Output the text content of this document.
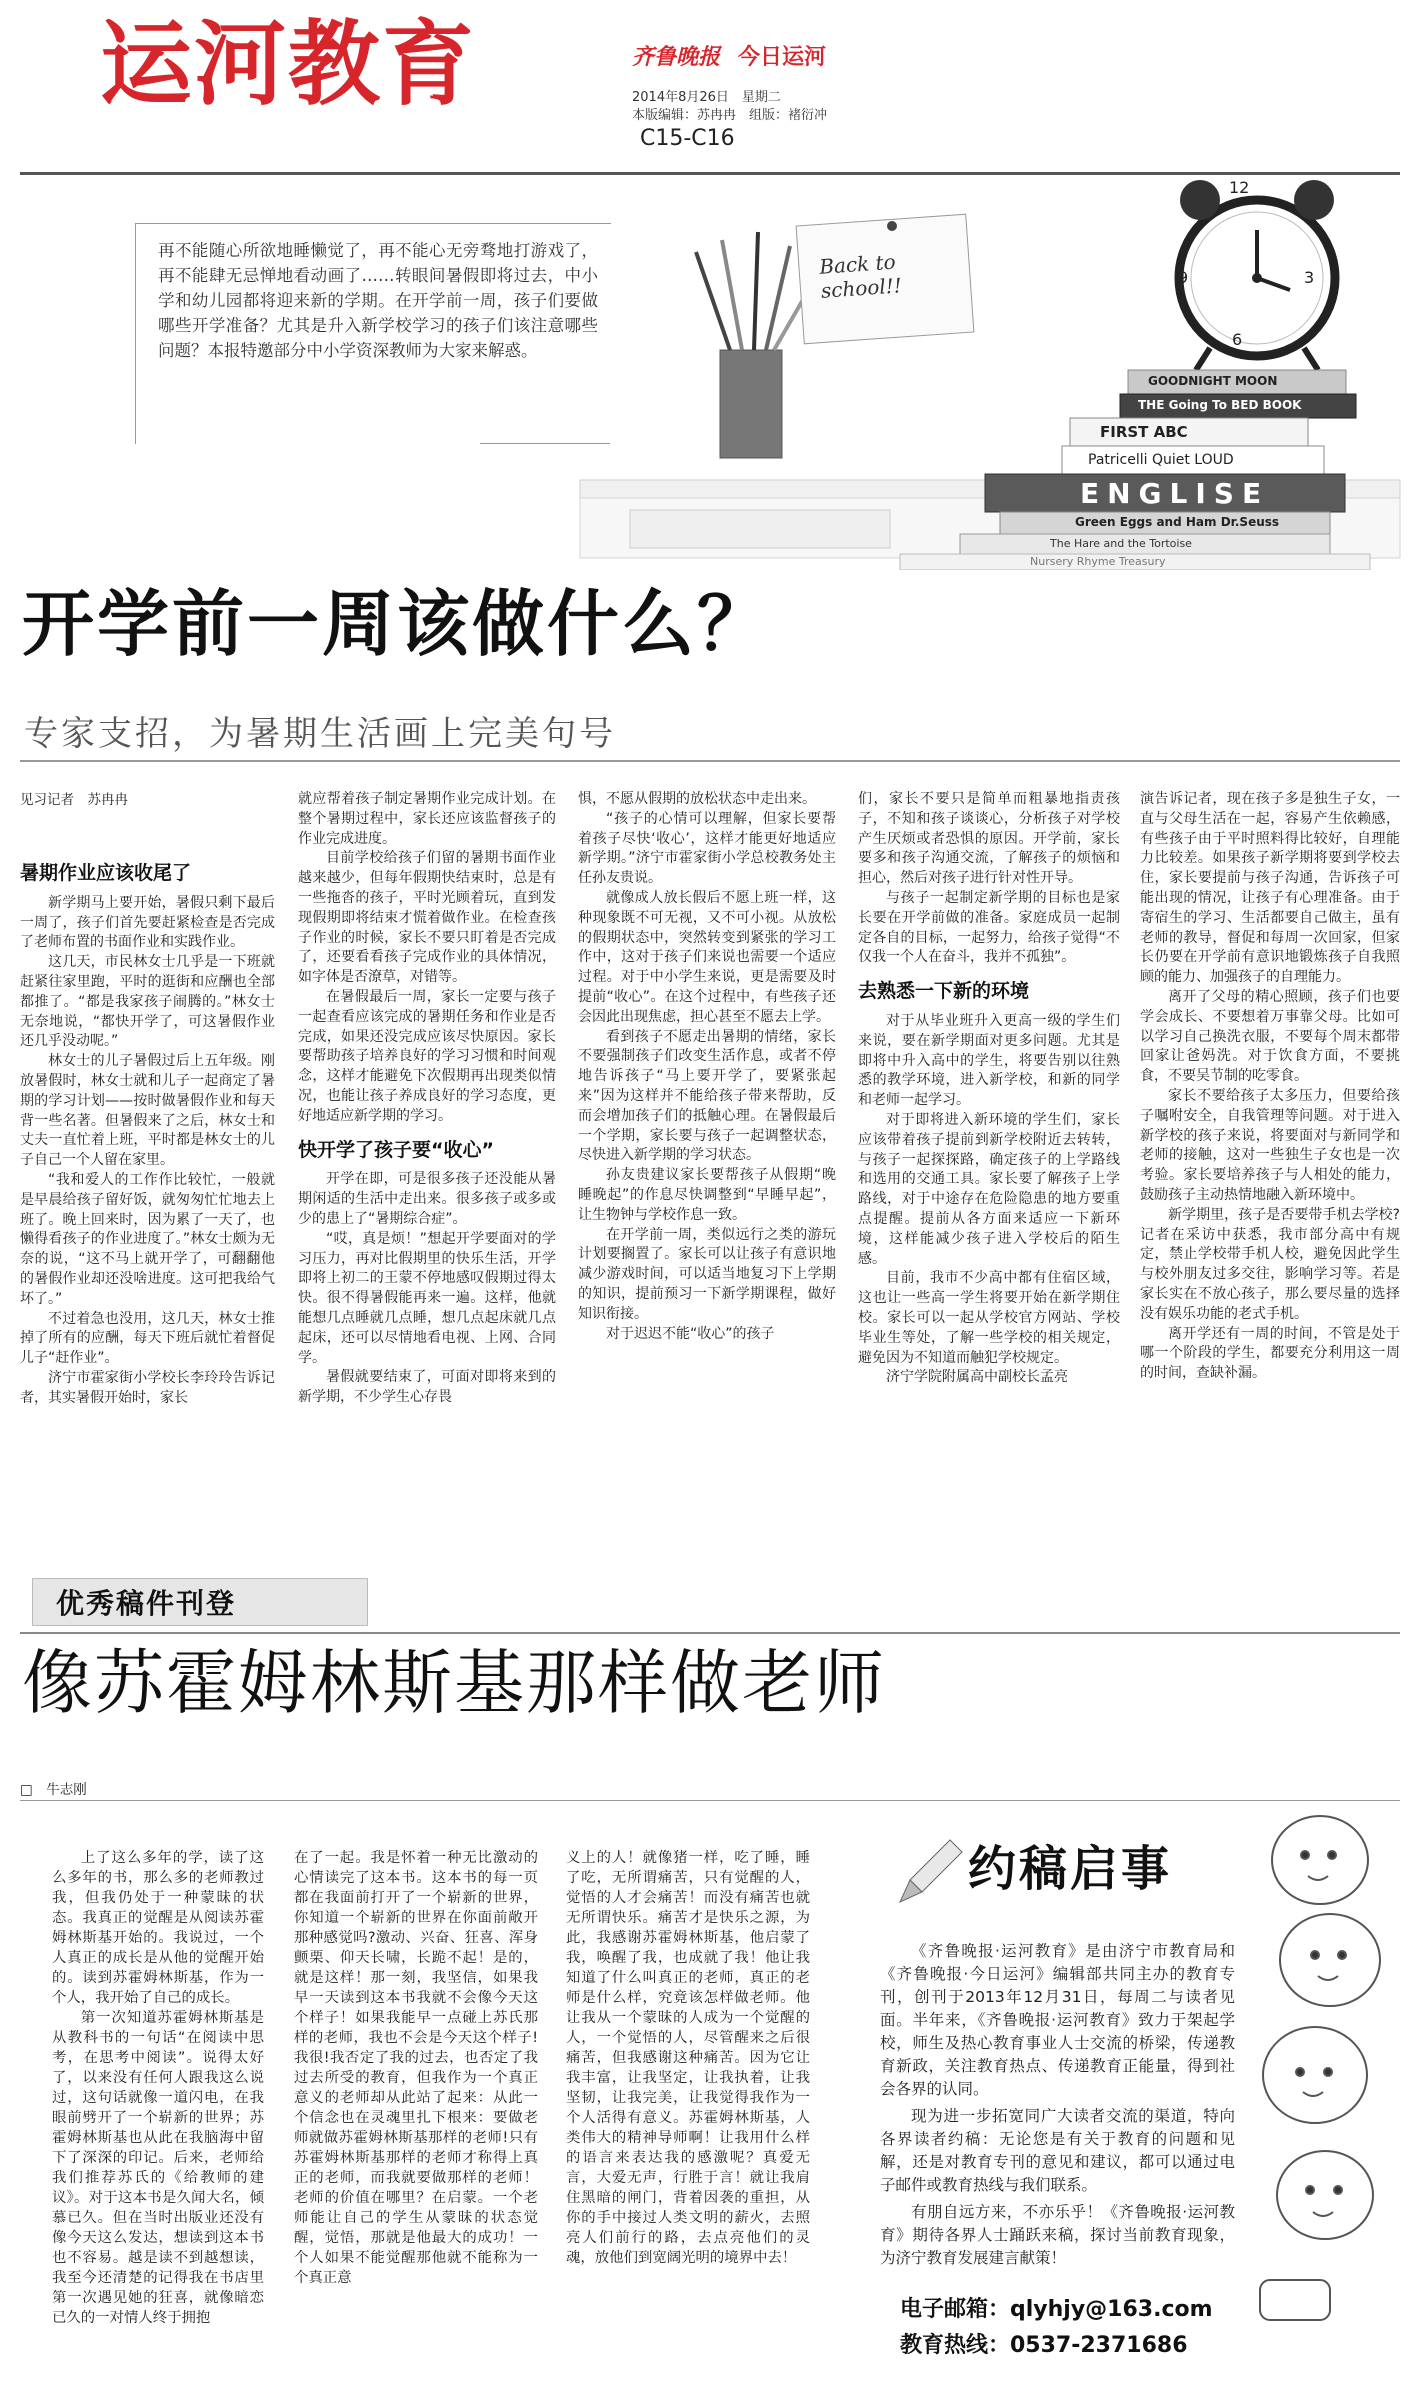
运河教育	齐鲁晚报 今日运河
2014年8月26日　星期二
本版编辑：苏冉冉　组版：褚衍冲
C15-C16
12
3
6
9
Back to school!!
GOODNIGHT MOON
THE Going To BED BOOK
FIRST ABC
Patricelli Quiet LOUD
ENGLISE
Green Eggs and Ham Dr.Seuss
The Hare and the Tortoise
Nursery Rhyme Treasury
再不能随心所欲地睡懒觉了，再不能心无旁骛地打游戏了，再不能肆无忌惮地看动画了……转眼间暑假即将过去，中小学和幼儿园都将迎来新的学期。在开学前一周，孩子们要做哪些开学准备？尤其是升入新学校学习的孩子们该注意哪些问题？本报特邀部分中小学资深教师为大家来解惑。
开学前一周该做什么？
专家支招，为暑期生活画上完美句号
见习记者　苏冉冉

暑期作业应该收尾了

新学期马上要开始，暑假只剩下最后一周了，孩子们首先要赶紧检查是否完成了老师布置的书面作业和实践作业。

这几天，市民林女士几乎是一下班就赶紧往家里跑，平时的逛街和应酬也全部都推了。“都是我家孩子闹腾的。”林女士无奈地说，“都快开学了，可这暑假作业还几乎没动呢。”

林女士的儿子暑假过后上五年级。刚放暑假时，林女士就和儿子一起商定了暑期的学习计划——按时做暑假作业和每天背一些名著。但暑假来了之后，林女士和丈夫一直忙着上班，平时都是林女士的儿子自己一个人留在家里。

“我和爱人的工作作比较忙，一般就是早晨给孩子留好饭，就匆匆忙忙地去上班了。晚上回来时，因为累了一天了，也懒得看孩子的作业进度了。”林女士颇为无奈的说，“这不马上就开学了，可翻翻他的暑假作业却还没啥进度。这可把我给气坏了。”

不过着急也没用，这几天，林女士推掉了所有的应酬，每天下班后就忙着督促儿子“赶作业”。

济宁市霍家街小学校长李玲玲告诉记者，其实暑假开始时，家长

就应帮着孩子制定暑期作业完成计划。在整个暑期过程中，家长还应该监督孩子的作业完成进度。

目前学校给孩子们留的暑期书面作业越来越少，但每年假期快结束时，总是有一些拖沓的孩子，平时光顾着玩，直到发现假期即将结束才慌着做作业。在检查孩子作业的时候，家长不要只盯着是否完成了，还要看看孩子完成作业的具体情况，如字体是否潦草，对错等。

在暑假最后一周，家长一定要与孩子一起查看应该完成的暑期任务和作业是否完成，如果还没完成应该尽快原因。家长要帮助孩子培养良好的学习习惯和时间观念，这样才能避免下次假期再出现类似情况，也能让孩子养成良好的学习态度，更好地适应新学期的学习。

快开学了孩子要“收心”

开学在即，可是很多孩子还没能从暑期闲适的生活中走出来。很多孩子或多或少的患上了“暑期综合症”。

“哎，真是烦！”想起开学要面对的学习压力，再对比假期里的快乐生活，开学即将上初二的王蒙不停地感叹假期过得太快。很不得暑假能再来一遍。这样，他就能想几点睡就几点睡，想几点起床就几点起床，还可以尽情地看电视、上网、合同学。

暑假就要结束了，可面对即将来到的新学期，不少学生心存畏

惧，不愿从假期的放松状态中走出来。

“孩子的心情可以理解，但家长要帮着孩子尽快‘收心’，这样才能更好地适应新学期。”济宁市霍家街小学总校教务处主任孙友贵说。

就像成人放长假后不愿上班一样，这种现象既不可无视，又不可小视。从放松的假期状态中，突然转变到紧张的学习工作中，这对于孩子们来说也需要一个适应过程。对于中小学生来说，更是需要及时提前“收心”。在这个过程中，有些孩子还会因此出现焦虑，担心甚至不愿去上学。

看到孩子不愿走出暑期的情绪，家长不要强制孩子们改变生活作息，或者不停地告诉孩子“马上要开学了，要紧张起来”因为这样并不能给孩子带来帮助，反而会增加孩子们的抵触心理。在暑假最后一个学期，家长要与孩子一起调整状态，尽快进入新学期的学习状态。

孙友贵建议家长要帮孩子从假期“晚睡晚起”的作息尽快调整到“早睡早起”，让生物钟与学校作息一致。

在开学前一周，类似远行之类的游玩计划要搁置了。家长可以让孩子有意识地减少游戏时间，可以适当地复习下上学期的知识，提前预习一下新学期课程，做好知识衔接。

对于迟迟不能“收心”的孩子

们，家长不要只是简单而粗暴地指责孩子，不知和孩子谈谈心，分析孩子对学校产生厌烦或者恐惧的原因。开学前，家长要多和孩子沟通交流，了解孩子的烦恼和担心，然后对孩子进行针对性开导。

与孩子一起制定新学期的目标也是家长要在开学前做的准备。家庭成员一起制定各自的目标，一起努力，给孩子觉得“不仅我一个人在奋斗，我并不孤独”。

去熟悉一下新的环境

对于从毕业班升入更高一级的学生们来说，要在新学期面对更多问题。尤其是即将中升入高中的学生，将要告别以往熟悉的教学环境，进入新学校，和新的同学和老师一起学习。

对于即将进入新环境的学生们，家长应该带着孩子提前到新学校附近去转转，与孩子一起探探路，确定孩子的上学路线和选用的交通工具。家长要了解孩子上学路线，对于中途存在危险隐患的地方要重点提醒。提前从各方面来适应一下新环境，这样能减少孩子进入学校后的陌生感。

目前，我市不少高中都有住宿区域，这也让一些高一学生将要开始在新学期住校。家长可以一起从学校官方网站、学校毕业生等处，了解一些学校的相关规定，避免因为不知道而触犯学校规定。

济宁学院附属高中副校长孟亮

演告诉记者，现在孩子多是独生子女，一直与父母生活在一起，容易产生依赖感，有些孩子由于平时照料得比较好，自理能力比较差。如果孩子新学期将要到学校去住，家长要提前与孩子沟通，告诉孩子可能出现的情况，让孩子有心理准备。由于寄宿生的学习、生活都要自己做主，虽有老师的教导，督促和每周一次回家，但家长仍要在开学前有意识地锻炼孩子自我照顾的能力、加强孩子的自理能力。

离开了父母的精心照顾，孩子们也要学会成长、不要想着万事靠父母。比如可以学习自己换洗衣服，不要每个周末都带回家让爸妈洗。对于饮食方面，不要挑食，不要吴节制的吃零食。

家长不要给孩子太多压力，但要给孩子嘱咐安全，自我管理等问题。对于进入新学校的孩子来说，将要面对与新同学和老师的接触，这对一些独生子女也是一次考验。家长要培养孩子与人相处的能力，鼓励孩子主动热情地融入新环境中。

新学期里，孩子是否要带手机去学校?记者在采访中获悉，我市部分高中有规定，禁止学校带手机人校，避免因此学生与校外朋友过多交往，影响学习等。若是家长实在不放心孩子，那么要尽量的选择没有娱乐功能的老式手机。

离开学还有一周的时间，不管是处于哪一个阶段的学生，都要充分利用这一周的时间，查缺补漏。

优秀稿件刊登
像苏霍姆林斯基那样做老师
□　牛志刚

上了这么多年的学，读了这么多年的书，那么多的老师教过我，但我仍处于一种蒙昧的状态。我真正的觉醒是从阅读苏霍姆林斯基开始的。我说过，一个人真正的成长是从他的觉醒开始的。读到苏霍姆林斯基，作为一个人，我开始了自己的成长。

第一次知道苏霍姆林斯基是从教科书的一句话“在阅读中思考，在思考中阅读”。说得太好了，以来没有任何人跟我这么说过，这句话就像一道闪电，在我眼前劈开了一个崭新的世界；苏霍姆林斯基也从此在我脑海中留下了深深的印记。后来，老师给我们推荐苏氏的《给教师的建议》。对于这本书是久闻大名，倾慕已久。但在当时出版业还没有像今天这么发达，想读到这本书也不容易。越是读不到越想读，我至今还清楚的记得我在书店里第一次遇见她的狂喜，就像暗恋已久的一对情人终于拥抱

在了一起。我是怀着一种无比激动的心情读完了这本书。这本书的每一页都在我面前打开了一个崭新的世界，你知道一个崭新的世界在你面前敞开那种感觉吗?激动、兴奋、狂喜、浑身颤栗、仰天长啸，长跪不起！是的，就是这样！那一刻，我坚信，如果我早一天读到这本书我就不会像今天这个样子！如果我能早一点碰上苏氏那样的老师，我也不会是今天这个样子!我很!我否定了我的过去，也否定了我过去所受的教育，但我作为一个真正意义的老师却从此站了起来：从此一个信念也在灵魂里扎下根来：要做老师就做苏霍姆林斯基那样的老师!只有苏霍姆林斯基那样的老师才称得上真正的老师，而我就要做那样的老师！老师的价值在哪里？在启蒙。一个老师能让自己的学生从蒙昧的状态觉醒，觉悟，那就是他最大的成功！一个人如果不能觉醒那他就不能称为一个真正意

义上的人！就像猪一样，吃了睡，睡了吃，无所谓痛苦，只有觉醒的人，觉悟的人才会痛苦！而没有痛苦也就无所谓快乐。痛苦才是快乐之源，为此，我感谢苏霍姆林斯基，他启蒙了我，唤醒了我，也成就了我！他让我知道了什么叫真正的老师，真正的老师是什么样，究竟该怎样做老师。他让我从一个蒙昧的人成为一个觉醒的人，一个觉悟的人，尽管醒来之后很痛苦，但我感谢这种痛苦。因为它让我丰富，让我坚定，让我执着，让我坚韧，让我完美，让我觉得我作为一个人活得有意义。苏霍姆林斯基，人类伟大的精神导师啊！让我用什么样的语言来表达我的感激呢？真爱无言，大爱无声，行胜于言！就让我肩住黑暗的闸门，背着因袭的重担，从你的手中接过人类文明的薪火，去照亮人们前行的路，去点亮他们的灵魂，放他们到宽阔光明的境界中去！

约稿启事

《齐鲁晚报·运河教育》是由济宁市教育局和《齐鲁晚报·今日运河》编辑部共同主办的教育专刊，创刊于2013年12月31日，每周二与读者见面。半年来，《齐鲁晚报·运河教育》致力于架起学校，师生及热心教育事业人士交流的桥梁，传递教育新政，关注教育热点、传递教育正能量，得到社会各界的认同。

现为进一步拓宽同广大读者交流的渠道，特向各界读者约稿：无论您是有关于教育的问题和见解，还是对教育专刊的意见和建议，都可以通过电子邮件或教育热线与我们联系。

有朋自远方来，不亦乐乎！《齐鲁晚报·运河教育》期待各界人士踊跃来稿，探讨当前教育现象，为济宁教育发展建言献策！

电子邮箱：qlyhjy@163.com
教育热线：0537-2371686
